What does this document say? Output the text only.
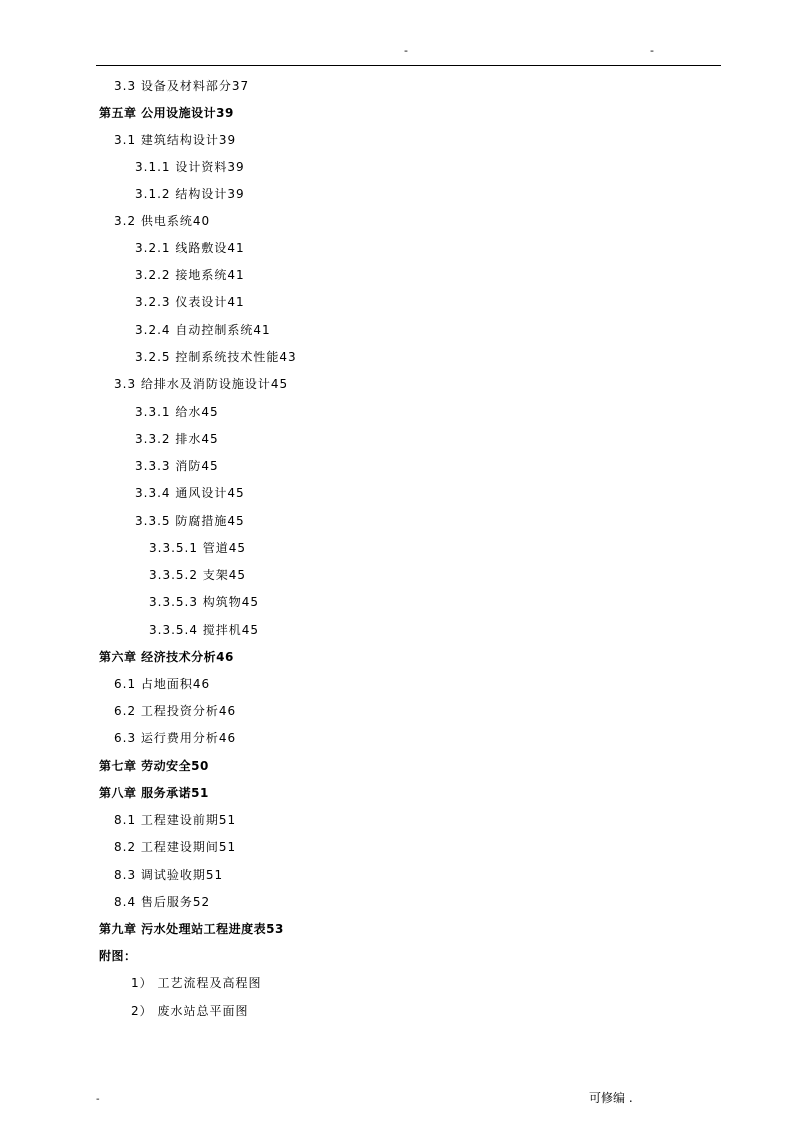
-	-
3.3 设备及材料部分37
第五章 公用设施设计39
3.1 建筑结构设计39
3.1.1 设计资料39
3.1.2 结构设计39
3.2 供电系统40
3.2.1 线路敷设41
3.2.2 接地系统41
3.2.3 仪表设计41
3.2.4 自动控制系统41
3.2.5 控制系统技术性能43
3.3 给排水及消防设施设计45
3.3.1 给水45
3.3.2 排水45
3.3.3 消防45
3.3.4 通风设计45
3.3.5 防腐措施45
3.3.5.1 管道45
3.3.5.2 支架45
3.3.5.3 构筑物45
3.3.5.4 搅拌机45
第六章 经济技术分析46
6.1 占地面积46
6.2 工程投资分析46
6.3 运行费用分析46
第七章 劳动安全50
第八章 服务承诺51
8.1 工程建设前期51
8.2 工程建设期间51
8.3 调试验收期51
8.4 售后服务52
第九章 污水处理站工程进度表53
附图：
1） 工艺流程及高程图
2） 废水站总平面图
-	可修编 .
